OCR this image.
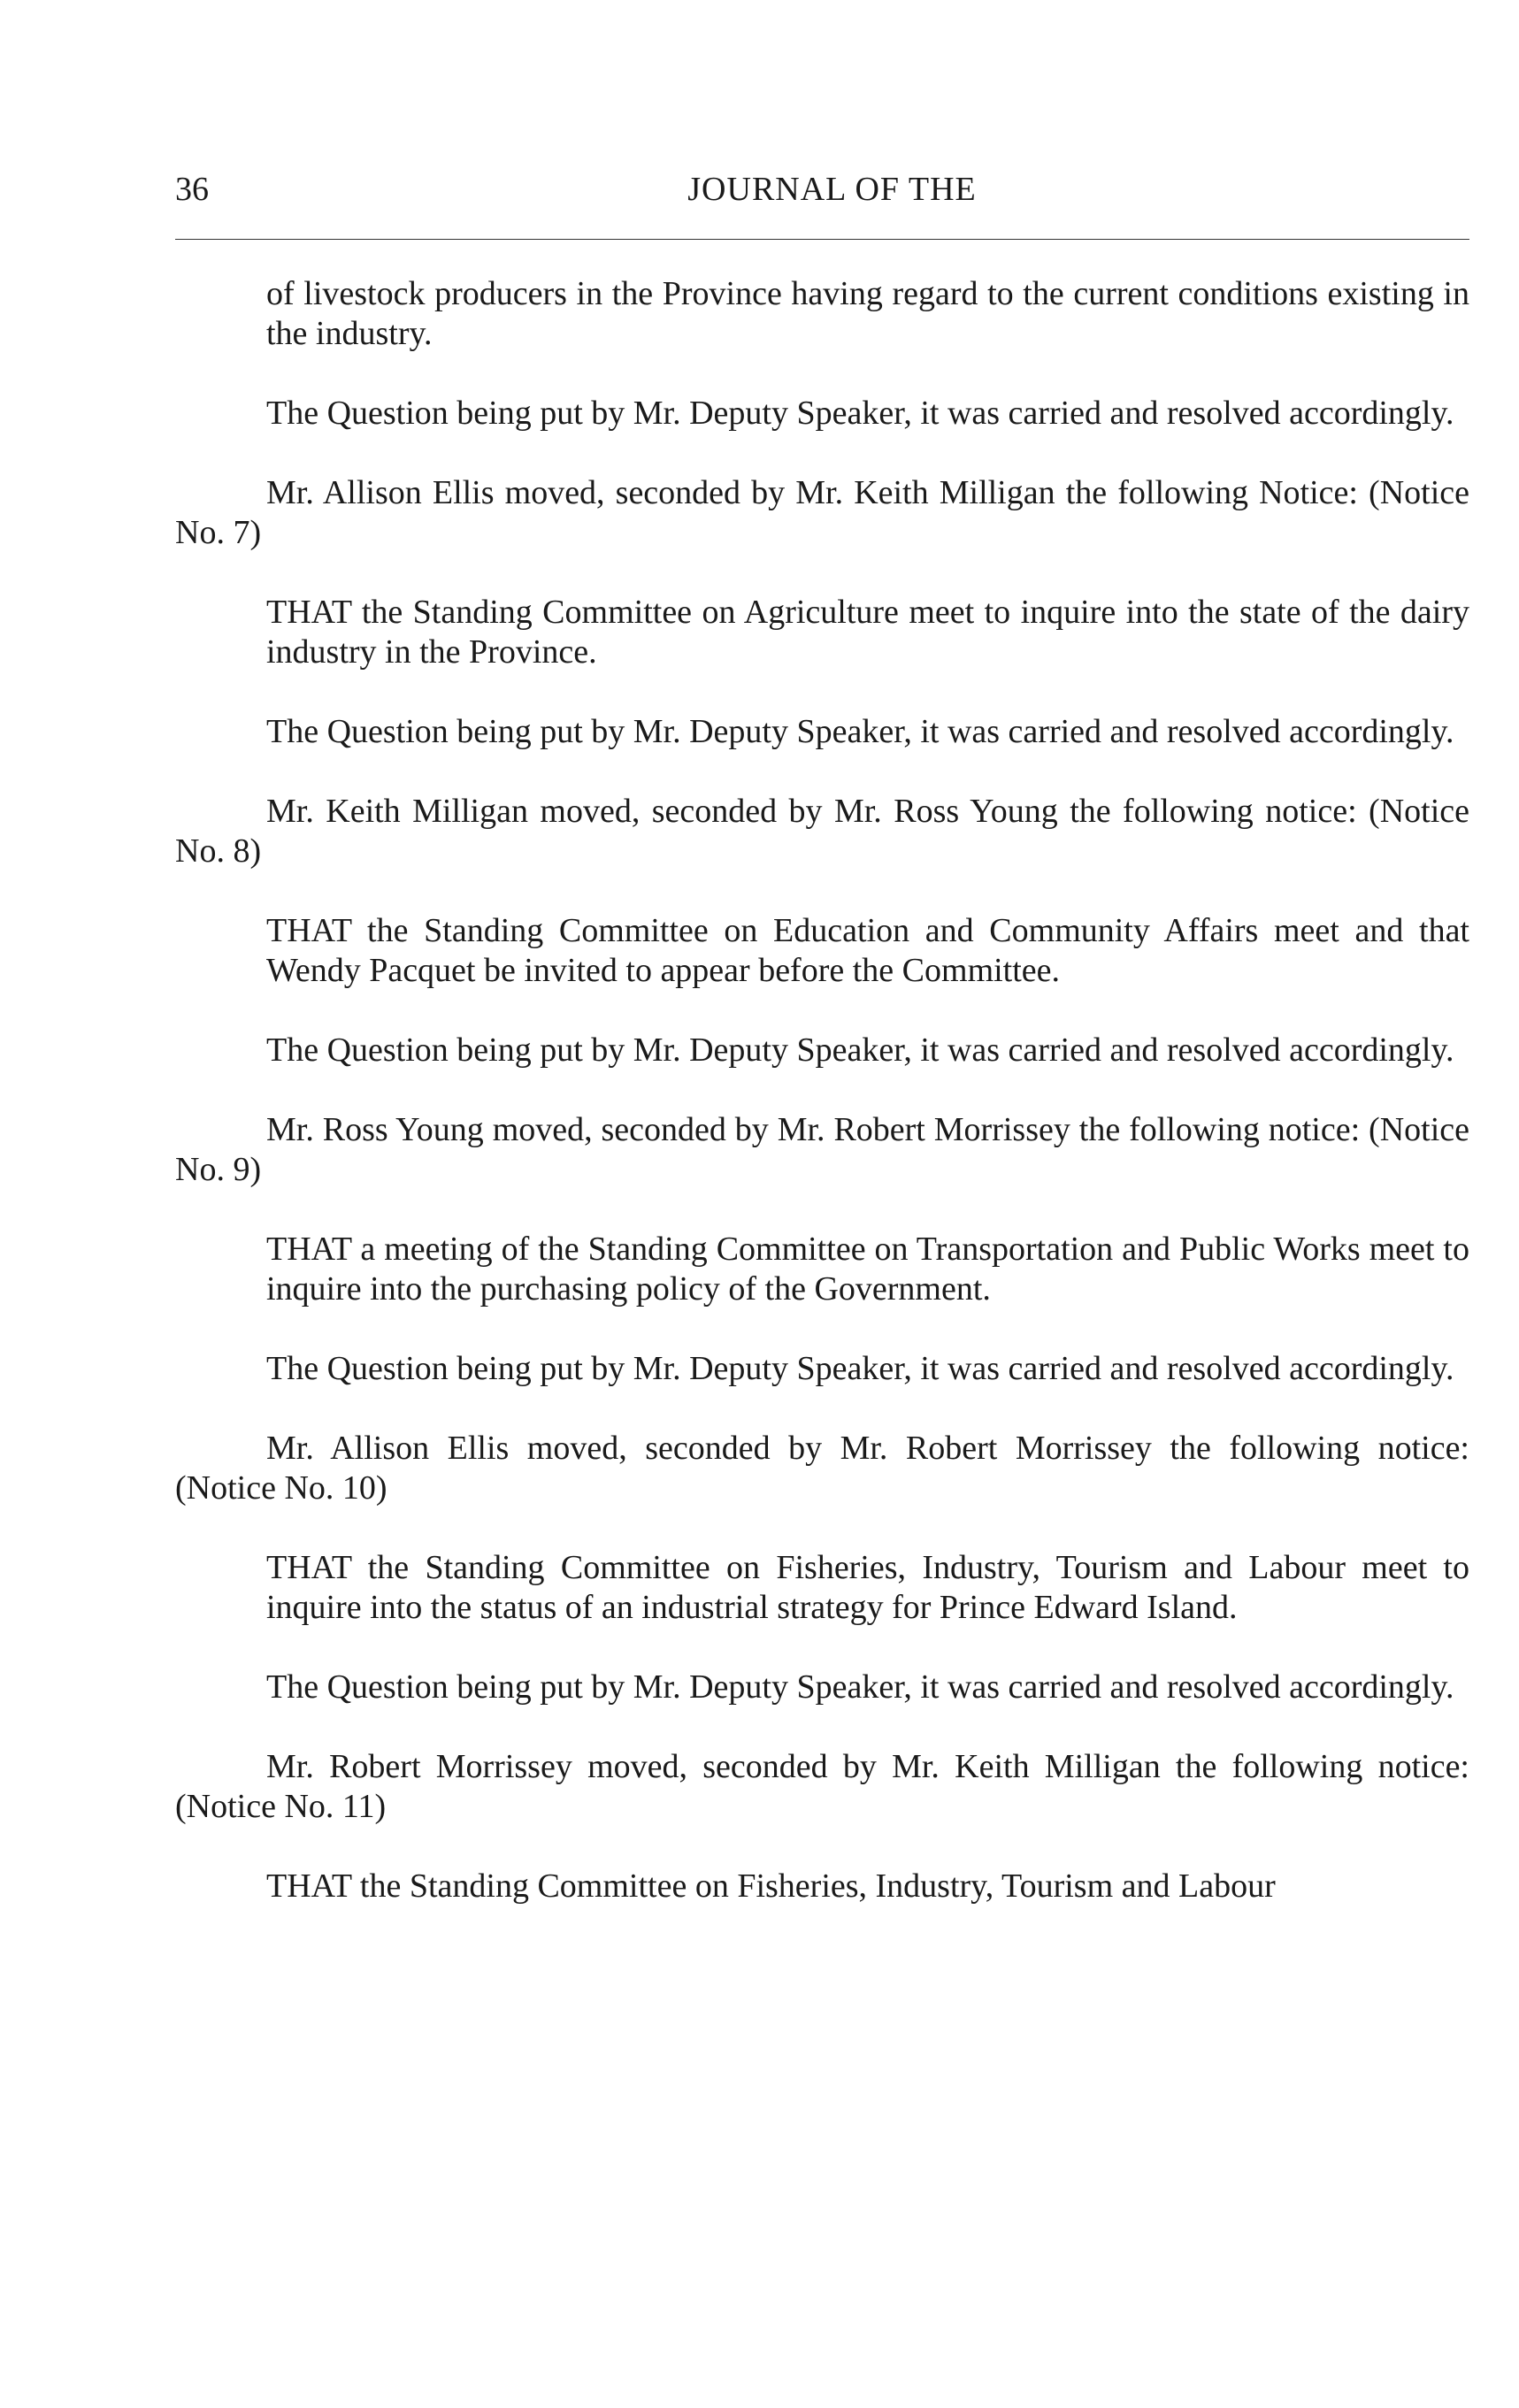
36	JOURNAL OF THE

of livestock producers in the Province having regard to the current conditions existing in the industry.

The Question being put by Mr. Deputy Speaker, it was carried and resolved accordingly.

Mr. Allison Ellis moved, seconded by Mr. Keith Milligan the following Notice: (Notice No. 7)

THAT the Standing Committee on Agriculture meet to inquire into the state of the dairy industry in the Province.

The Question being put by Mr. Deputy Speaker, it was carried and resolved accordingly.

Mr. Keith Milligan moved, seconded by Mr. Ross Young the following notice: (Notice No. 8)

THAT the Standing Committee on Education and Community Affairs meet and that Wendy Pacquet be invited to appear before the Committee.

The Question being put by Mr. Deputy Speaker, it was carried and resolved accordingly.

Mr. Ross Young moved, seconded by Mr. Robert Morrissey the following notice: (Notice No. 9)

THAT a meeting of the Standing Committee on Transportation and Public Works meet to inquire into the purchasing policy of the Government.

The Question being put by Mr. Deputy Speaker, it was carried and resolved accordingly.

Mr. Allison Ellis moved, seconded by Mr. Robert Morrissey the following notice: (Notice No. 10)

THAT the Standing Committee on Fisheries, Industry, Tourism and Labour meet to inquire into the status of an industrial strategy for Prince Edward Island.

The Question being put by Mr. Deputy Speaker, it was carried and resolved accordingly.

Mr. Robert Morrissey moved, seconded by Mr. Keith Milligan the following notice: (Notice No. 11)

THAT the Standing Committee on Fisheries, Industry, Tourism and Labour
